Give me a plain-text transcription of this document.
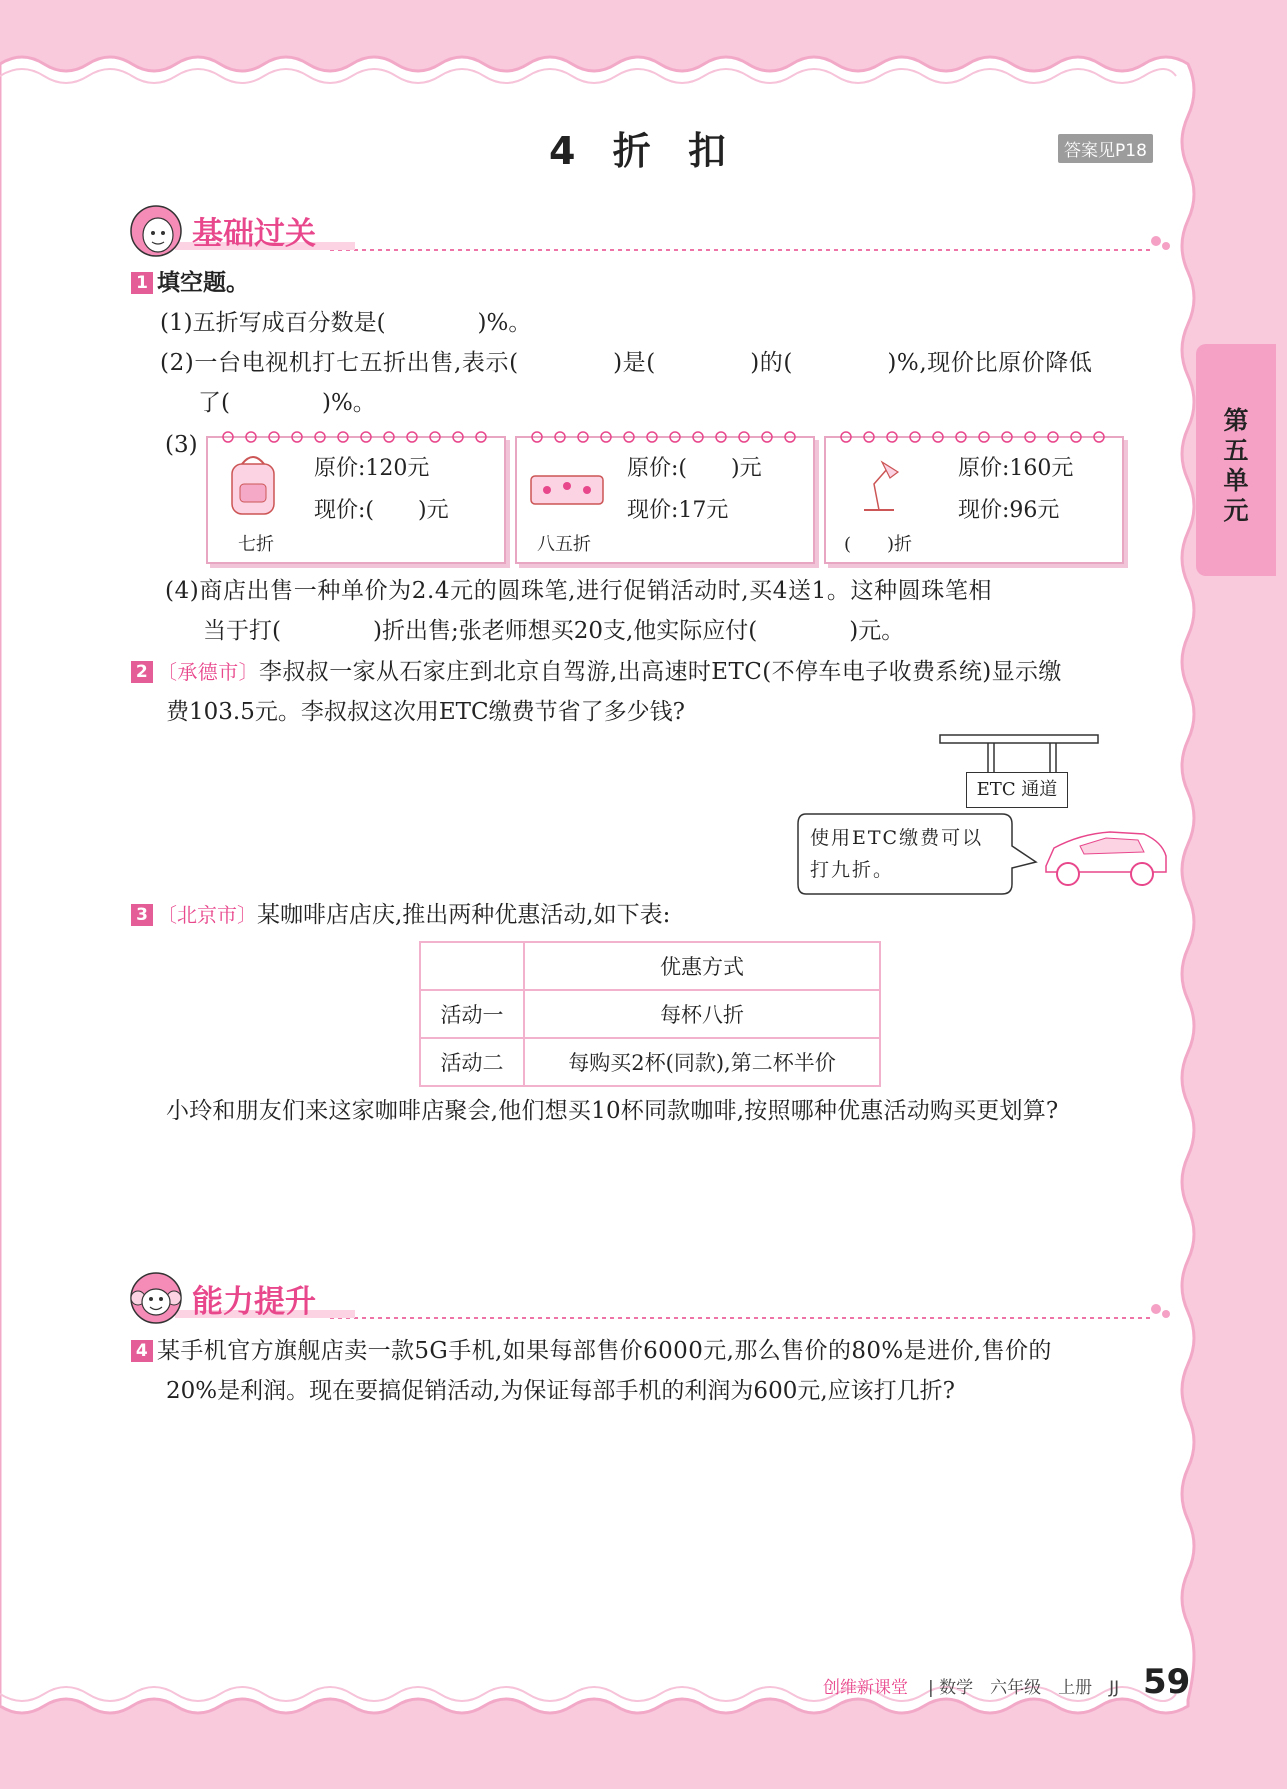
4 折 扣	答案见P18
第五单元
基础过关
1 填空题。
(1)五折写成百分数是(　　　　)%。
(2)一台电视机打七五折出售,表示(　　　　)是(　　　　)的(　　　　)%,现价比原价降低
了(　　　　)%。
(3)
七折
原价:120元
现价:(　　)元
八五折
原价:(　　)元
现价:17元
(　　)折
原价:160元
现价:96元
(4)商店出售一种单价为2.4元的圆珠笔,进行促销活动时,买4送1。这种圆珠笔相
当于打(　　　　)折出售;张老师想买20支,他实际应付(　　　　)元。
2 〔承德市〕李叔叔一家从石家庄到北京自驾游,出高速时ETC(不停车电子收费系统)显示缴
费103.5元。李叔叔这次用ETC缴费节省了多少钱?
ETC 通道
使用ETC缴费可以
打九折。
3 〔北京市〕某咖啡店店庆,推出两种优惠活动,如下表:
	优惠方式
活动一	每杯八折
活动二	每购买2杯(同款),第二杯半价
小玲和朋友们来这家咖啡店聚会,他们想买10杯同款咖啡,按照哪种优惠活动购买更划算?
能力提升
4 某手机官方旗舰店卖一款5G手机,如果每部售价6000元,那么售价的80%是进价,售价的
20%是利润。现在要搞促销活动,为保证每部手机的利润为600元,应该打几折?
创维新课堂 | 数学　六年级　上册　JJ 59
